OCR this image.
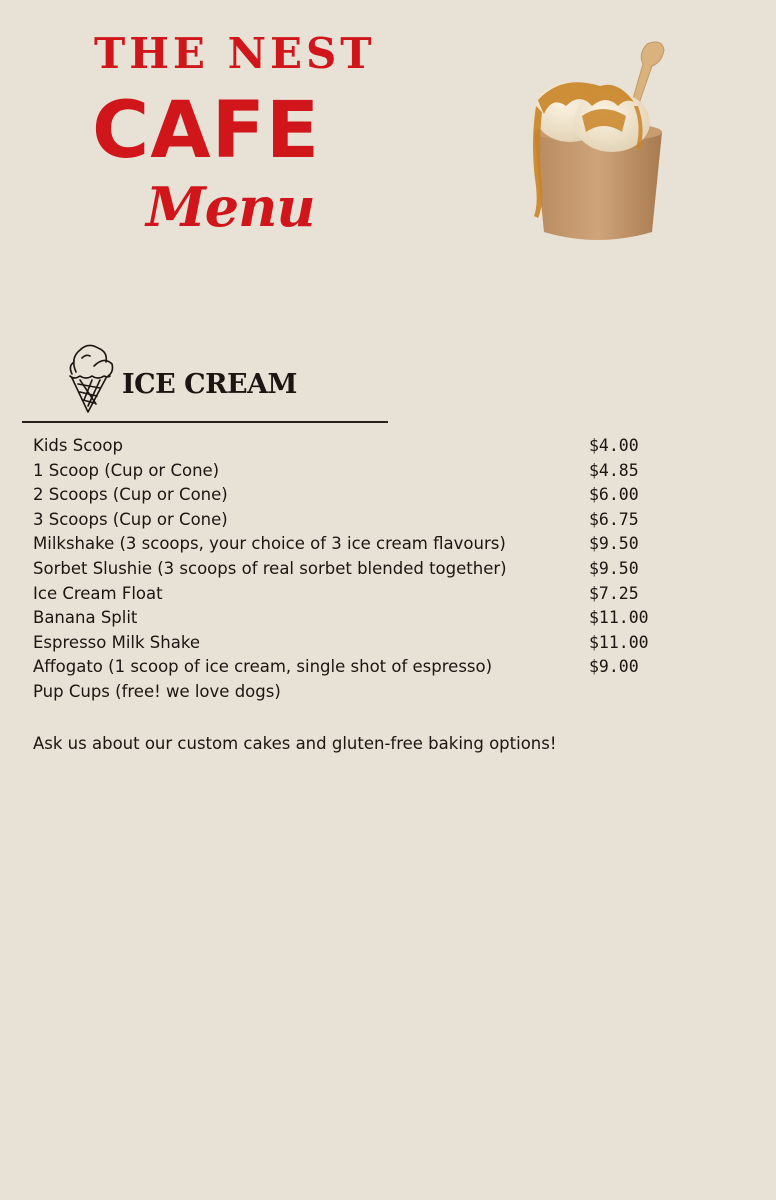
THE NEST
CAFE
Menu
ICE CREAM
Kids Scoop	$4.00
1 Scoop (Cup or Cone)	$4.85
2 Scoops (Cup or Cone)	$6.00
3 Scoops (Cup or Cone)	$6.75
Milkshake (3 scoops, your choice of 3 ice cream flavours)	$9.50
Sorbet Slushie (3 scoops of real sorbet blended together)	$9.50
Ice Cream Float	$7.25
Banana Split	$11.00
Espresso Milk Shake	$11.00
Affogato (1 scoop of ice cream, single shot of espresso)	$9.00
Pup Cups (free! we love dogs)
Ask us about our custom cakes and gluten-free baking options!
